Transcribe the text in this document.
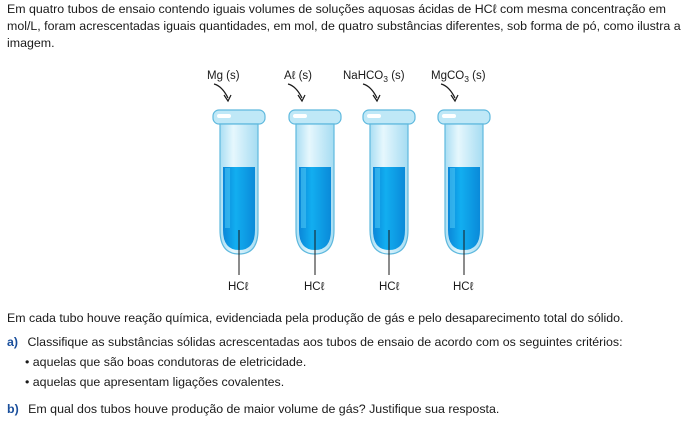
Em quatro tubos de ensaio contendo iguais volumes de soluções aquosas ácidas de HCℓ com mesma concentração em mol/L, foram acrescentadas iguais quantidades, em mol, de quatro substâncias diferentes, sob forma de pó, como ilustra a imagem.

Mg (s)
HCℓ
Aℓ (s)
HCℓ
NaHCO$_3$ (s)
HCℓ
MgCO$_3$ (s)
HCℓ

Em cada tubo houve reação química, evidenciada pela produção de gás e pelo desaparecimento total do sólido.

a) Classifique as substâncias sólidas acrescentadas aos tubos de ensaio de acordo com os seguintes critérios:

• aquelas que são boas condutoras de eletricidade.

• aquelas que apresentam ligações covalentes.

b) Em qual dos tubos houve produção de maior volume de gás? Justifique sua resposta.
